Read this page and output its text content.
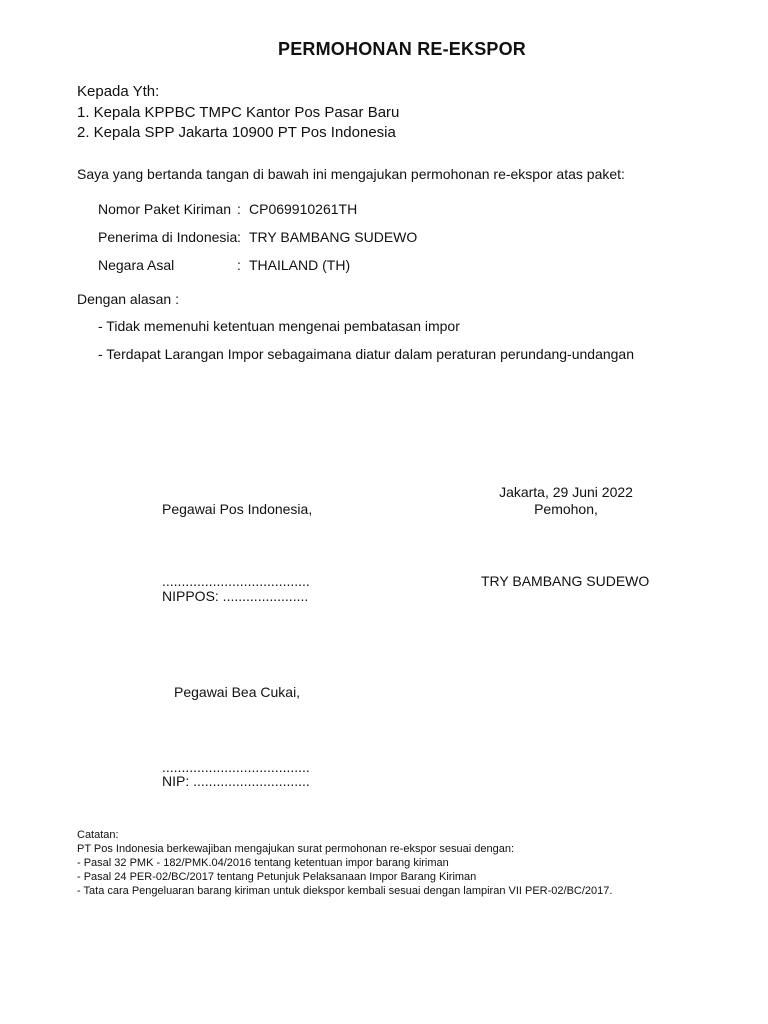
PERMOHONAN RE-EKSPOR
Kepada Yth:
1. Kepala KPPBC TMPC Kantor Pos Pasar Baru
2. Kepala SPP Jakarta 10900 PT Pos Indonesia
Saya yang bertanda tangan di bawah ini mengajukan permohonan re-ekspor atas paket:
Nomor Paket Kiriman : CP069910261TH
Penerima di Indonesia : TRY BAMBANG SUDEWO
Negara Asal	: THAILAND (TH)
Dengan alasan :
- Tidak memenuhi ketentuan mengenai pembatasan impor
- Terdapat Larangan Impor sebagaimana diatur dalam peraturan perundang-undangan
Jakarta, 29 Juni 2022
Pemohon,
TRY BAMBANG SUDEWO
Pegawai Pos Indonesia,
......................................
NIPPOS: ......................
Pegawai Bea Cukai,
......................................
NIP: ..............................
Catatan:
PT Pos Indonesia berkewajiban mengajukan surat permohonan re-ekspor sesuai dengan:
- Pasal 32 PMK - 182/PMK.04/2016 tentang ketentuan impor barang kiriman
- Pasal 24 PER-02/BC/2017 tentang Petunjuk Pelaksanaan Impor Barang Kiriman
- Tata cara Pengeluaran barang kiriman untuk diekspor kembali sesuai dengan lampiran VII PER-02/BC/2017.
